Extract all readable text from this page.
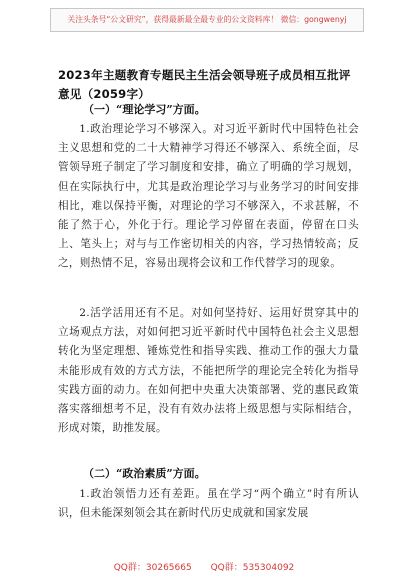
关注头条号“公文研究”，获得最新最全最专业的公文资料库！ 微信：gongwenyj
2023年主题教育专题民主生活会领导班子成员相互批评意见（2059字）
（一）“理论学习”方面。

1.政治理论学习不够深入。对习近平新时代中国特色社会主义思想和党的二十大精神学习得还不够深入、系统全面，尽管领导班子制定了学习制度和安排，确立了明确的学习规划，但在实际执行中，尤其是政治理论学习与业务学习的时间安排相比，难以保持平衡，对理论的学习不够深入，不求甚解，不能了然于心，外化于行。理论学习停留在表面，停留在口头上、笔头上；对与与工作密切相关的内容，学习热情较高；反之，则热情不足，容易出现将会议和工作代替学习的现象。

2.活学活用还有不足。对如何坚持好、运用好贯穿其中的立场观点方法，对如何把习近平新时代中国特色社会主义思想转化为坚定理想、锤炼党性和指导实践、推动工作的强大力量未能形成有效的方式方法，不能把所学的理论完全转化为指导实践方面的动力。在如何把中央重大决策部署、党的惠民政策落实落细想考不足，没有有效办法将上级思想与实际相结合，形成对策，助推发展。

（二）“政治素质”方面。

1.政治领悟力还有差距。虽在学习“两个确立”时有所认识，但未能深刻领会其在新时代历史成就和国家发展

QQ群：30265665 QQ群：535304092
